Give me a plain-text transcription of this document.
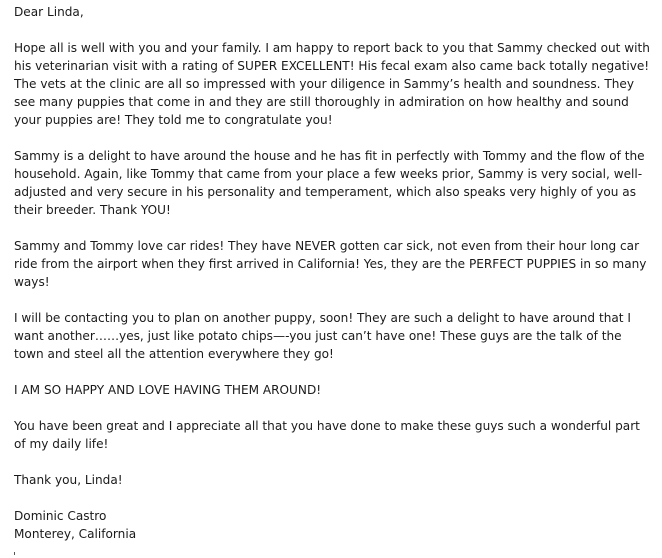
Dear Linda,

Hope all is well with you and your family. I am happy to report back to you that Sammy checked out with his veterinarian visit with a rating of SUPER EXCELLENT! His fecal exam also came back totally negative! The vets at the clinic are all so impressed with your diligence in Sammy’s health and soundness. They see many puppies that come in and they are still thoroughly in admiration on how healthy and sound your puppies are! They told me to congratulate you!

Sammy is a delight to have around the house and he has fit in perfectly with Tommy and the flow of the household. Again, like Tommy that came from your place a few weeks prior, Sammy is very social, well-adjusted and very secure in his personality and temperament, which also speaks very highly of you as their breeder. Thank YOU!

Sammy and Tommy love car rides! They have NEVER gotten car sick, not even from their hour long car ride from the airport when they first arrived in California! Yes, they are the PERFECT PUPPIES in so many ways!

I will be contacting you to plan on another puppy, soon! They are such a delight to have around that I want another……yes, just like potato chips—-you just can’t have one! These guys are the talk of the town and steel all the attention everywhere they go!

I AM SO HAPPY AND LOVE HAVING THEM AROUND!

You have been great and I appreciate all that you have done to make these guys such a wonderful part of my daily life!

Thank you, Linda!

Dominic Castro

Monterey, California
